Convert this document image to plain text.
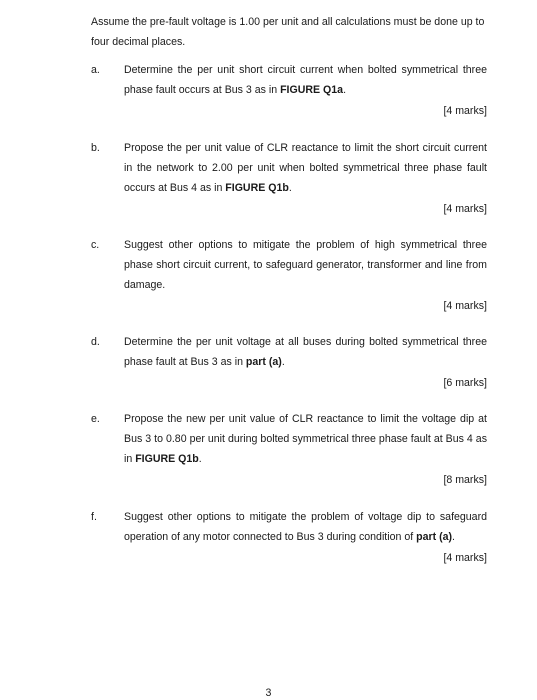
Assume the pre-fault voltage is 1.00 per unit and all calculations must be done up to four decimal places.
a. Determine the per unit short circuit current when bolted symmetrical three phase fault occurs at Bus 3 as in FIGURE Q1a.
[4 marks]
b. Propose the per unit value of CLR reactance to limit the short circuit current in the network to 2.00 per unit when bolted symmetrical three phase fault occurs at Bus 4 as in FIGURE Q1b.
[4 marks]
c. Suggest other options to mitigate the problem of high symmetrical three phase short circuit current, to safeguard generator, transformer and line from damage.
[4 marks]
d. Determine the per unit voltage at all buses during bolted symmetrical three phase fault at Bus 3 as in part (a).
[6 marks]
e. Propose the new per unit value of CLR reactance to limit the voltage dip at Bus 3 to 0.80 per unit during bolted symmetrical three phase fault at Bus 4 as in FIGURE Q1b.
[8 marks]
f.	Suggest other options to mitigate the problem of voltage dip to safeguard operation of any motor connected to Bus 3 during condition of part (a).
[4 marks]
3
